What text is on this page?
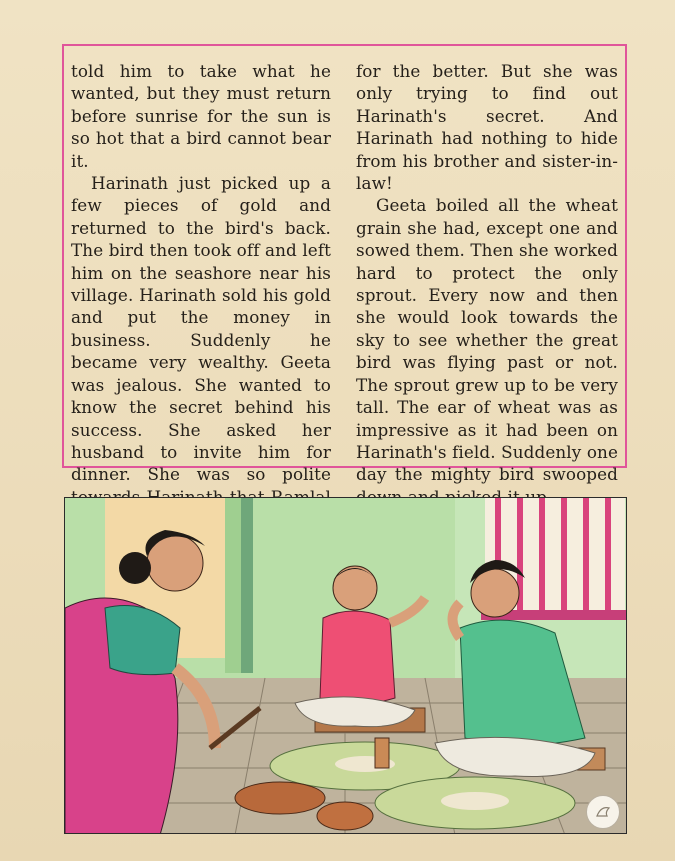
told him to take what he wanted, but they must return before sunrise for the sun is so hot that a bird cannot bear it.

Harinath just picked up a few pieces of gold and returned to the bird's back. The bird then took off and left him on the seashore near his village. Harinath sold his gold and put the money in business. Suddenly he became very wealthy. Geeta was jealous. She wanted to know the secret behind his success. She asked her husband to invite him for dinner. She was so polite

for the better. But she was only trying to find out Harinath's secret. And Harinath had nothing to hide from his brother and sister-in-law!

Geeta boiled all the wheat grain she had, except one and sowed them. Then she worked hard to protect the only sprout. Every now and then she would look towards the sky to see whether the great bird was flying past or not. The sprout grew up to be very tall. The ear of wheat was as impressive as it had been on Harinath's field. Suddenly one day the mighty bird swooped
